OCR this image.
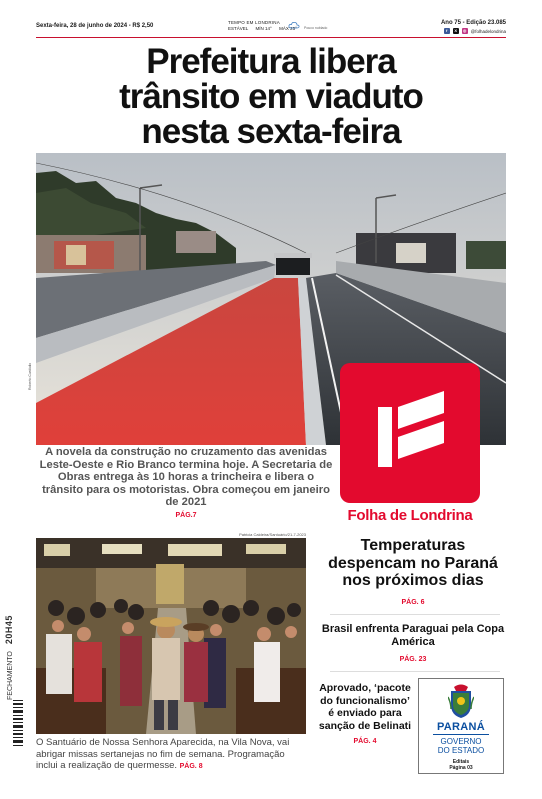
Sexta-feira, 28 de junho de 2024 - R$ 2,50
TEMPO EM LONDRINA
ESTÁVEL MÍN 14° MÁX 25°	Pouco nublado
Ano 75 - Edição 23.085
f	X	◎ @folhadelondrina
Prefeitura libera
trânsito em viaduto
nesta sexta-feira
Roberto Custódio
Folha de Londrina
A novela da construção no cruzamento das avenidas Leste-Oeste e Rio Branco termina hoje. A Secretaria de Obras entrega às 10 horas a trincheira e libera o trânsito para os motoristas. Obra começou em janeiro de 2021
PÁG.7
Patricia Caldeira/Santuário/21-7-2023
FECHAMENTO 20H45
O Santuário de Nossa Senhora Aparecida, na Vila Nova, vai abrigar missas sertanejas no fim de semana. Programação inclui a realização de quermesse. PÁG. 8
Temperaturas despencam no Paraná nos próximos dias
PÁG. 6
Brasil enfrenta Paraguai pela Copa América
PÁG. 23
Aprovado, ‘pacote do funcionalismo’ é enviado para sanção de Belinati
PÁG. 4
PARANÁ
GOVERNO
DO ESTADO
Editais
Página 03
